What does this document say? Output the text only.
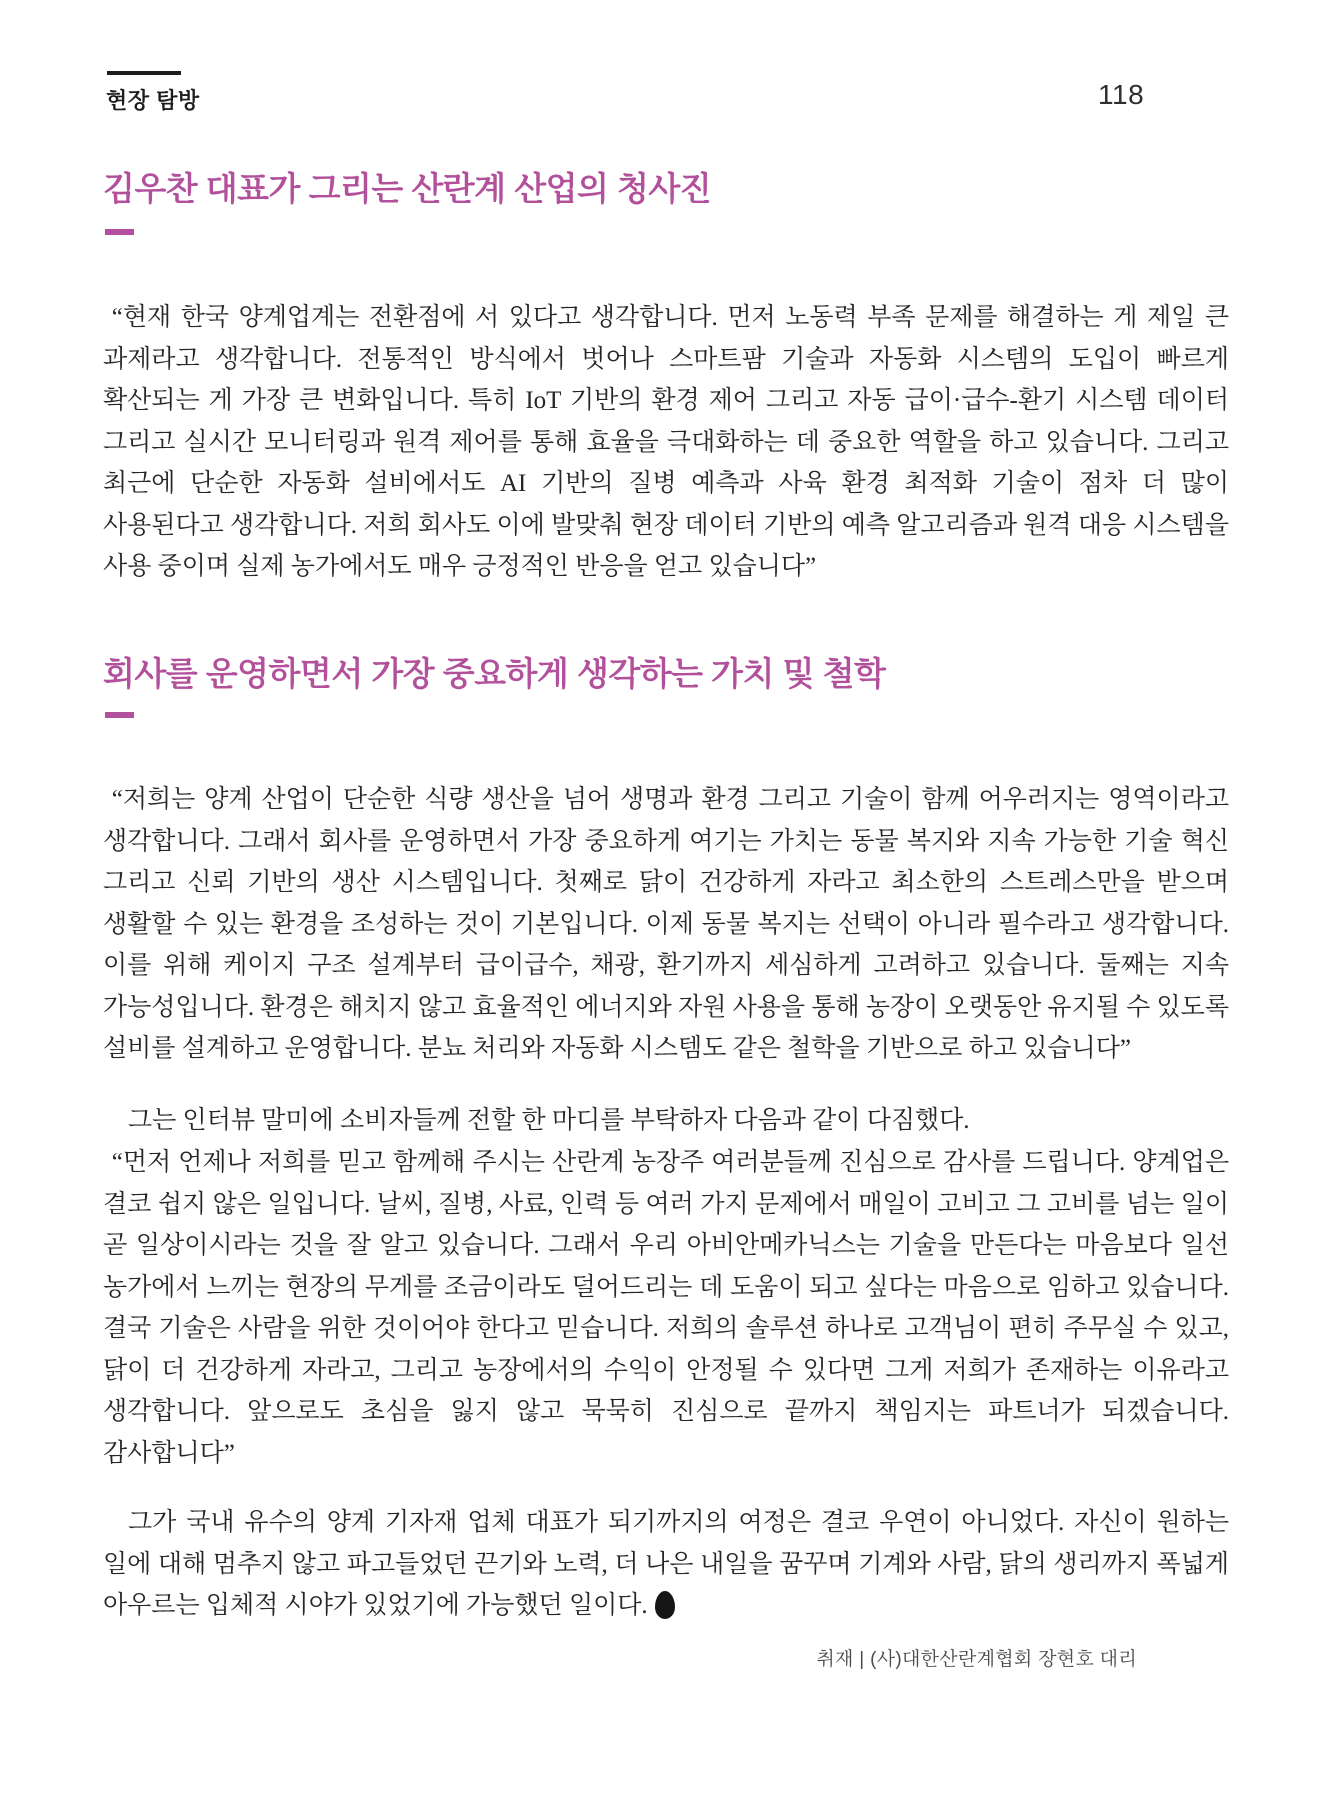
현장 탐방	118
김우찬 대표가 그리는 산란계 산업의 청사진

“현재 한국 양계업계는 전환점에 서 있다고 생각합니다. 먼저 노동력 부족 문제를 해결하는 게 제일 큰 과제라고 생각합니다. 전통적인 방식에서 벗어나 스마트팜 기술과 자동화 시스템의 도입이 빠르게 확산되는 게 가장 큰 변화입니다. 특히 IoT 기반의 환경 제어 그리고 자동 급이·급수-환기 시스템 데이터 그리고 실시간 모니터링과 원격 제어를 통해 효율을 극대화하는 데 중요한 역할을 하고 있습니다. 그리고 최근에 단순한 자동화 설비에서도 AI 기반의 질병 예측과 사육 환경 최적화 기술이 점차 더 많이 사용된다고 생각합니다. 저희 회사도 이에 발맞춰 현장 데이터 기반의 예측 알고리즘과 원격 대응 시스템을 사용 중이며 실제 농가에서도 매우 긍정적인 반응을 얻고 있습니다”

회사를 운영하면서 가장 중요하게 생각하는 가치 및 철학

“저희는 양계 산업이 단순한 식량 생산을 넘어 생명과 환경 그리고 기술이 함께 어우러지는 영역이라고 생각합니다. 그래서 회사를 운영하면서 가장 중요하게 여기는 가치는 동물 복지와 지속 가능한 기술 혁신 그리고 신뢰 기반의 생산 시스템입니다. 첫째로 닭이 건강하게 자라고 최소한의 스트레스만을 받으며 생활할 수 있는 환경을 조성하는 것이 기본입니다. 이제 동물 복지는 선택이 아니라 필수라고 생각합니다. 이를 위해 케이지 구조 설계부터 급이급수, 채광, 환기까지 세심하게 고려하고 있습니다. 둘째는 지속 가능성입니다. 환경은 해치지 않고 효율적인 에너지와 자원 사용을 통해 농장이 오랫동안 유지될 수 있도록 설비를 설계하고 운영합니다. 분뇨 처리와 자동화 시스템도 같은 철학을 기반으로 하고 있습니다”

그는 인터뷰 말미에 소비자들께 전할 한 마디를 부탁하자 다음과 같이 다짐했다.

“먼저 언제나 저희를 믿고 함께해 주시는 산란계 농장주 여러분들께 진심으로 감사를 드립니다. 양계업은 결코 쉽지 않은 일입니다. 날씨, 질병, 사료, 인력 등 여러 가지 문제에서 매일이 고비고 그 고비를 넘는 일이 곧 일상이시라는 것을 잘 알고 있습니다. 그래서 우리 아비안메카닉스는 기술을 만든다는 마음보다 일선 농가에서 느끼는 현장의 무게를 조금이라도 덜어드리는 데 도움이 되고 싶다는 마음으로 임하고 있습니다. 결국 기술은 사람을 위한 것이어야 한다고 믿습니다. 저희의 솔루션 하나로 고객님이 편히 주무실 수 있고, 닭이 더 건강하게 자라고, 그리고 농장에서의 수익이 안정될 수 있다면 그게 저희가 존재하는 이유라고 생각합니다. 앞으로도 초심을 잃지 않고 묵묵히 진심으로 끝까지 책임지는 파트너가 되겠습니다. 감사합니다”

그가 국내 유수의 양계 기자재 업체 대표가 되기까지의 여정은 결코 우연이 아니었다. 자신이 원하는 일에 대해 멈추지 않고 파고들었던 끈기와 노력, 더 나은 내일을 꿈꾸며 기계와 사람, 닭의 생리까지 폭넓게 아우르는 입체적 시야가 있었기에 가능했던 일이다.	산란

취재 | (사)대한산란계협회 장현호 대리
